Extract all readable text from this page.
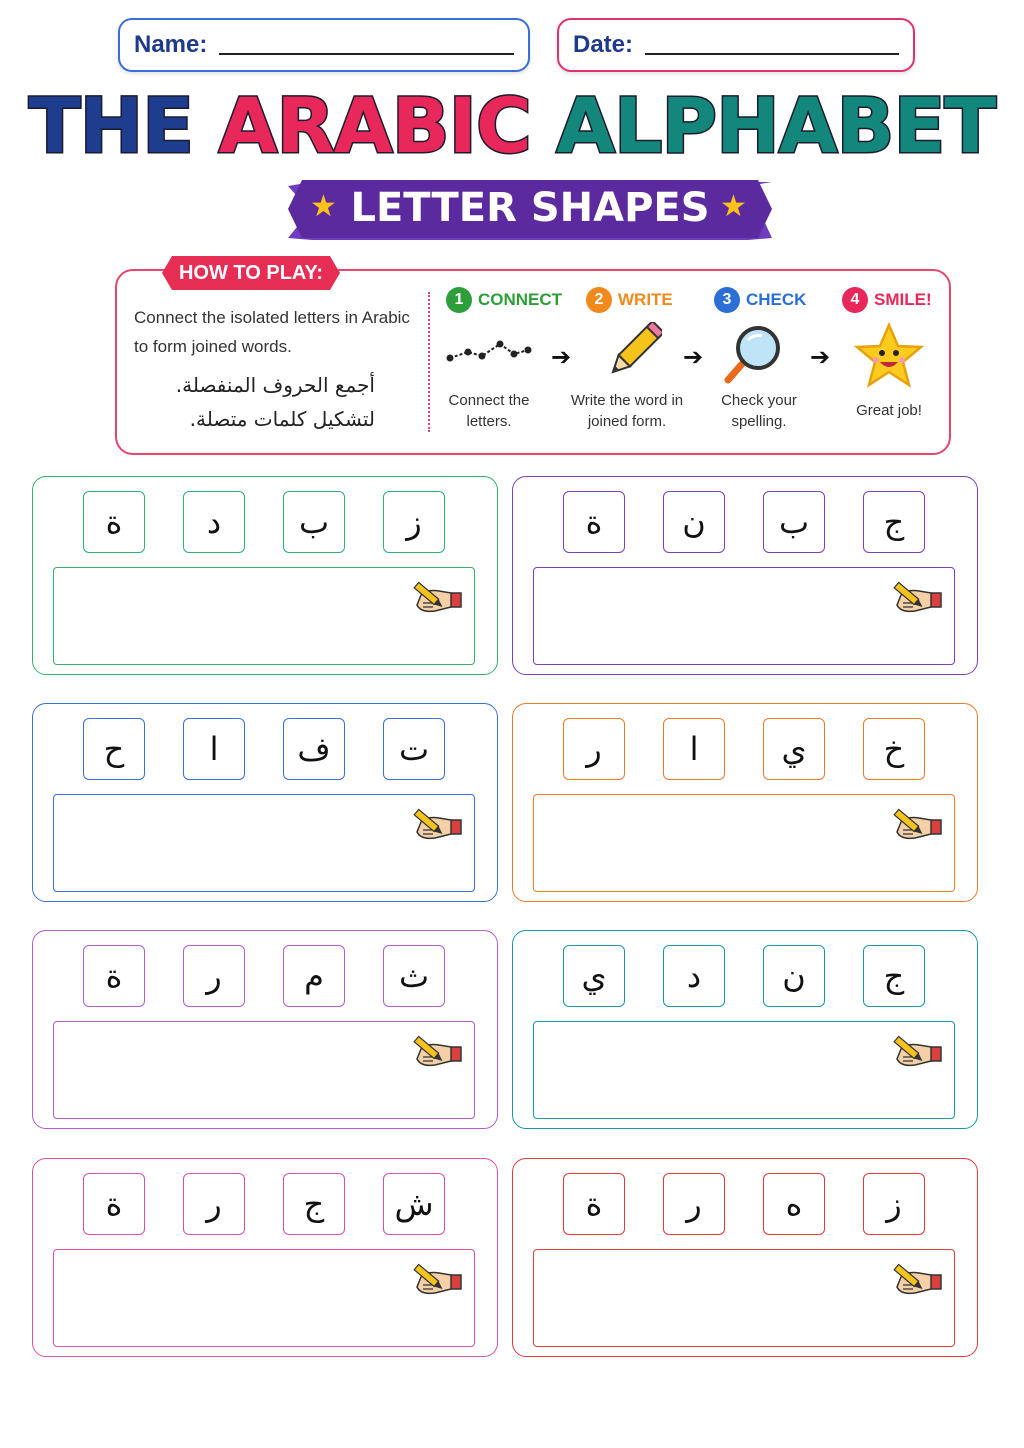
Name:	Date:
THE ARABIC ALPHABET
★	★
LETTER SHAPES
HOW TO PLAY:
Connect the isolated letters in Arabic
to form joined words.
أجمع الحروف المنفصلة.
لتشكيل كلمات متصلة.
1 CONNECT
Connect the
letters.
➔
2 WRITE
Write the word in
joined form.
➔
3 CHECK
Check your
spelling.
➔
4 SMILE!
Great job!
ة	د	ب	ز	ة	ن	ب	ج
ح	ا	ف	ت	ر	ا	ي	خ
ة	ر	م	ث	ي	د	ن	ج
ة	ر	ج	ش	ة	ر	ه	ز
